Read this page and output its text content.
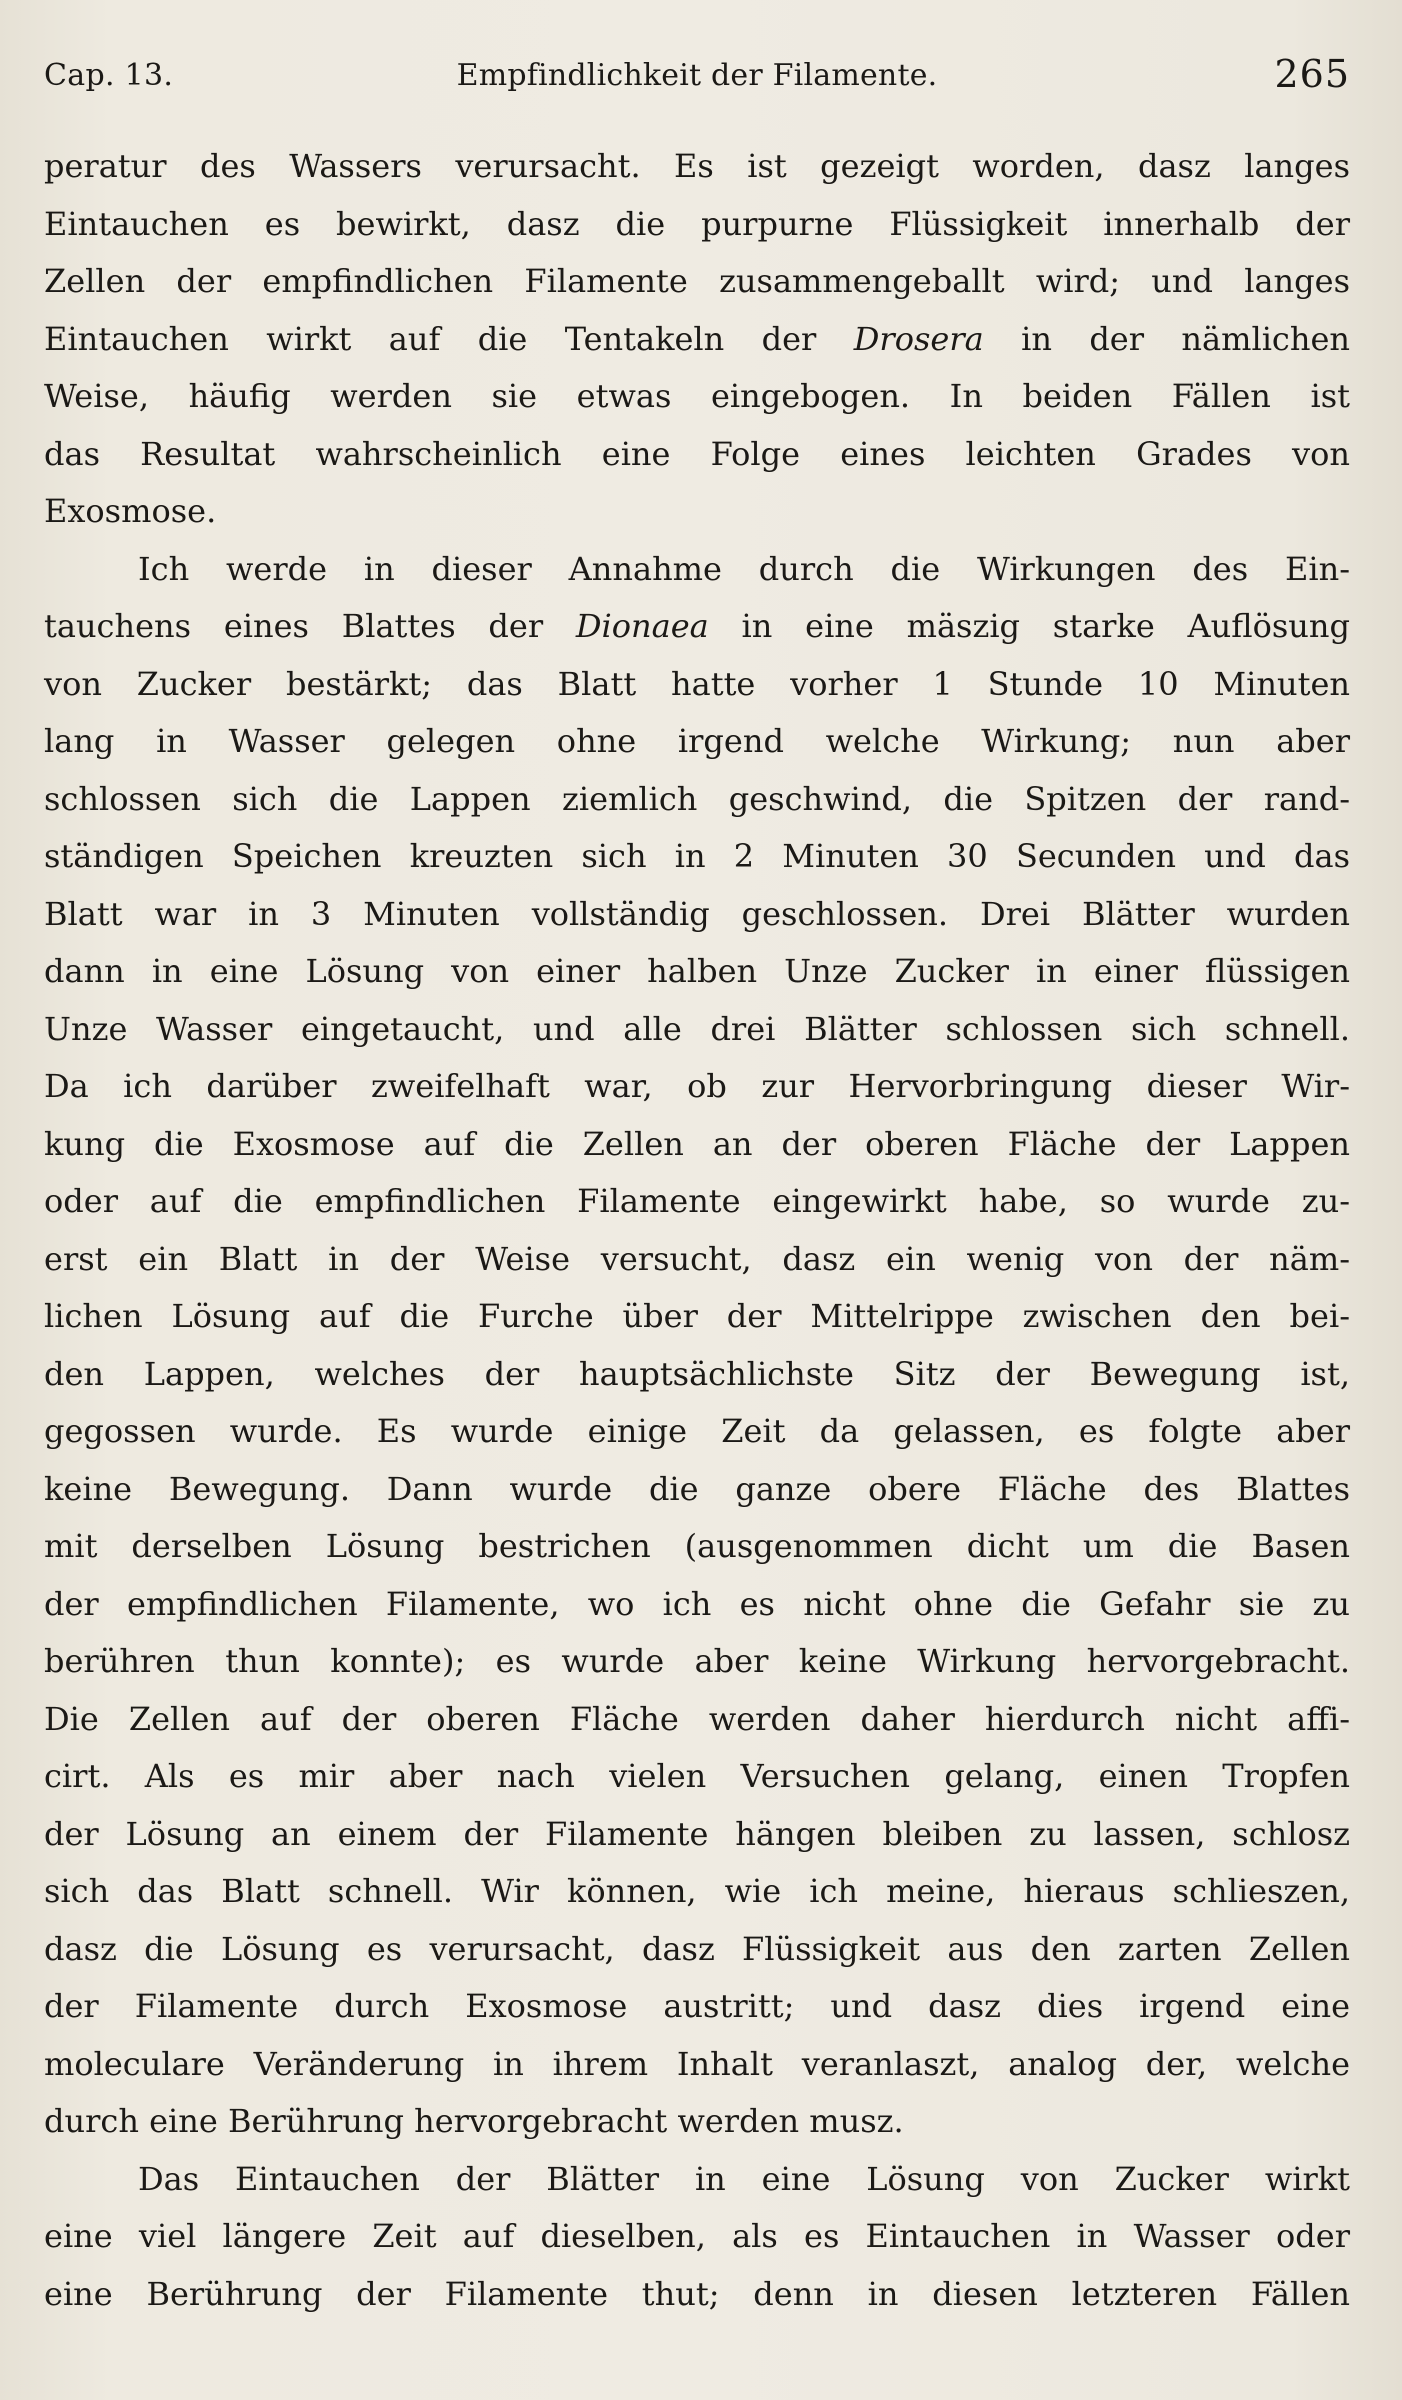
Cap. 13.	Empfindlichkeit der Filamente.	265
peratur des Wassers verursacht. Es ist gezeigt worden, dasz langes
Eintauchen es bewirkt, dasz die purpurne Flüssigkeit innerhalb der
Zellen der empfindlichen Filamente zusammengeballt wird; und langes
Eintauchen wirkt auf die Tentakeln der Drosera in der nämlichen
Weise, häufig werden sie etwas eingebogen. In beiden Fällen ist
das Resultat wahrscheinlich eine Folge eines leichten Grades von
Exosmose.
Ich werde in dieser Annahme durch die Wirkungen des Ein-
tauchens eines Blattes der Dionaea in eine mäszig starke Auflösung
von Zucker bestärkt; das Blatt hatte vorher 1 Stunde 10 Minuten
lang in Wasser gelegen ohne irgend welche Wirkung; nun aber
schlossen sich die Lappen ziemlich geschwind, die Spitzen der rand-
ständigen Speichen kreuzten sich in 2 Minuten 30 Secunden und das
Blatt war in 3 Minuten vollständig geschlossen. Drei Blätter wurden
dann in eine Lösung von einer halben Unze Zucker in einer flüssigen
Unze Wasser eingetaucht, und alle drei Blätter schlossen sich schnell.
Da ich darüber zweifelhaft war, ob zur Hervorbringung dieser Wir-
kung die Exosmose auf die Zellen an der oberen Fläche der Lappen
oder auf die empfindlichen Filamente eingewirkt habe, so wurde zu-
erst ein Blatt in der Weise versucht, dasz ein wenig von der näm-
lichen Lösung auf die Furche über der Mittelrippe zwischen den bei-
den Lappen, welches der hauptsächlichste Sitz der Bewegung ist,
gegossen wurde. Es wurde einige Zeit da gelassen, es folgte aber
keine Bewegung. Dann wurde die ganze obere Fläche des Blattes
mit derselben Lösung bestrichen (ausgenommen dicht um die Basen
der empfindlichen Filamente, wo ich es nicht ohne die Gefahr sie zu
berühren thun konnte); es wurde aber keine Wirkung hervorgebracht.
Die Zellen auf der oberen Fläche werden daher hierdurch nicht affi-
cirt. Als es mir aber nach vielen Versuchen gelang, einen Tropfen
der Lösung an einem der Filamente hängen bleiben zu lassen, schlosz
sich das Blatt schnell. Wir können, wie ich meine, hieraus schlieszen,
dasz die Lösung es verursacht, dasz Flüssigkeit aus den zarten Zellen
der Filamente durch Exosmose austritt; und dasz dies irgend eine
moleculare Veränderung in ihrem Inhalt veranlaszt, analog der, welche
durch eine Berührung hervorgebracht werden musz.
Das Eintauchen der Blätter in eine Lösung von Zucker wirkt
eine viel längere Zeit auf dieselben, als es Eintauchen in Wasser oder
eine Berührung der Filamente thut; denn in diesen letzteren Fällen
